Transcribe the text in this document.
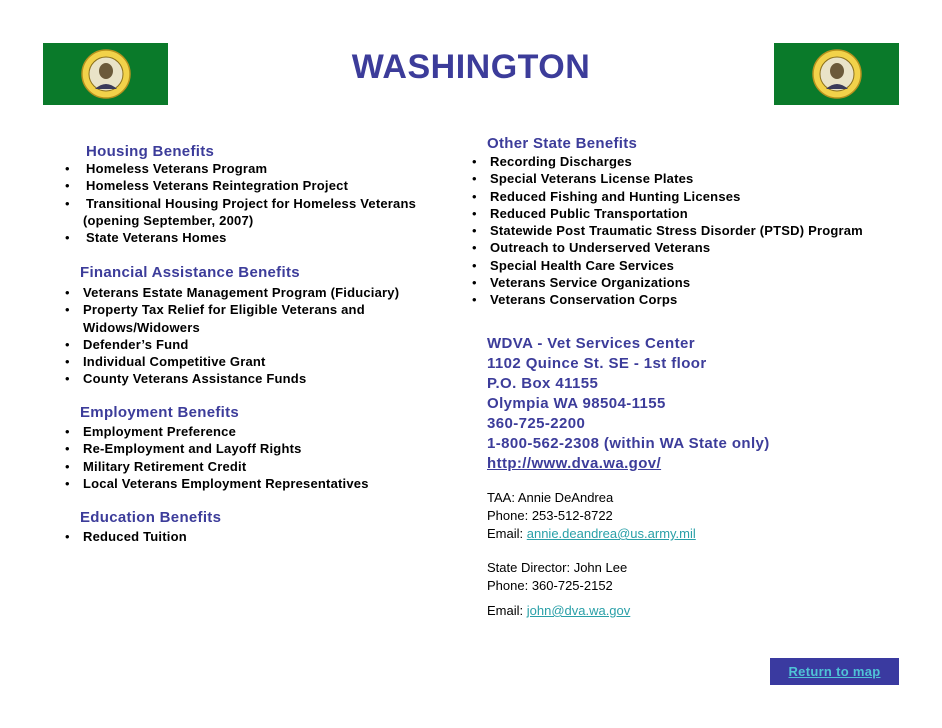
WASHINGTON
Housing Benefits
• Homeless Veterans Program
• Homeless Veterans Reintegration Project
• Transitional Housing Project for Homeless Veterans
(opening September, 2007)
• State Veterans Homes
Financial Assistance Benefits
• Veterans Estate Management Program (Fiduciary)
• Property Tax Relief for Eligible Veterans and
Widows/Widowers
• Defender’s Fund
• Individual Competitive Grant
• County Veterans Assistance Funds
Employment Benefits
• Employment Preference
• Re-Employment and Layoff Rights
• Military Retirement Credit
• Local Veterans Employment Representatives
Education Benefits
• Reduced Tuition
Other State Benefits
• Recording Discharges
• Special Veterans License Plates
• Reduced Fishing and Hunting Licenses
• Reduced Public Transportation
• Statewide Post Traumatic Stress Disorder (PTSD) Program
• Outreach to Underserved Veterans
• Special Health Care Services
• Veterans Service Organizations
• Veterans Conservation Corps
WDVA - Vet Services Center
1102 Quince St. SE - 1st floor
P.O. Box 41155
Olympia WA 98504-1155
360-725-2200
1-800-562-2308 (within WA State only)
http://www.dva.wa.gov/
TAA: Annie DeAndrea
Phone: 253-512-8722
Email: annie.deandrea@us.army.mil
State Director: John Lee
Phone: 360-725-2152
Email: john@dva.wa.gov
Return to map
